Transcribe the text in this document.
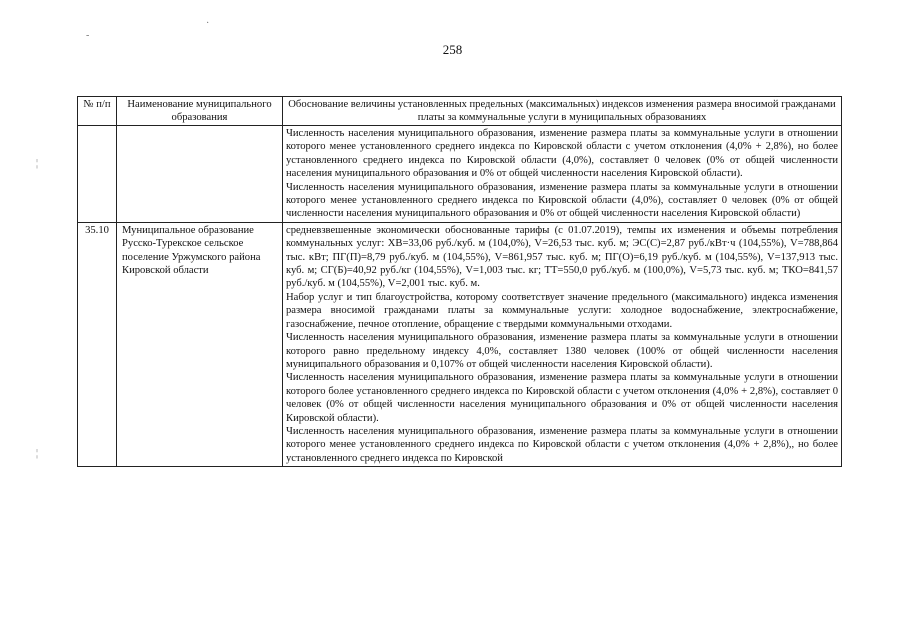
-
·
¦
¦
258
№ п/п	Наименование муниципального образования	Обоснование величины установленных предельных (максимальных) индексов изменения размера вносимой гражданами платы за коммунальные услуги в муниципальных образованиях

		Численность населения муниципального образования, изменение размера платы за коммунальные услуги в отношении которого менее установленного среднего индекса по Кировской области с учетом отклонения (4,0% + 2,8%), но более установленного среднего индекса по Кировской области (4,0%), составляет 0 человек (0% от общей численности населения муниципального образования и 0% от общей численности населения Кировской области).

Численность населения муниципального образования, изменение размера платы за коммунальные услуги в отношении которого менее установленного среднего индекса по Кировской области (4,0%), составляет 0 человек (0% от общей численности населения муниципального образования и 0% от общей численности населения Кировской области)

35.10	Муниципальное образование Русско-Турекское сельское поселение Уржумского района Кировской области	средневзвешенные экономически обоснованные тарифы (с 01.07.2019), темпы их изменения и объемы потребления коммунальных услуг: ХВ=33,06 руб./куб. м (104,0%), V=26,53 тыс. куб. м; ЭС(С)=2,87 руб./кВт·ч (104,55%), V=788,864 тыс. кВт; ПГ(П)=8,79 руб./куб. м (104,55%), V=861,957 тыс. куб. м; ПГ(О)=6,19 руб./куб. м (104,55%), V=137,913 тыс. куб. м; СГ(Б)=40,92 руб./кг (104,55%), V=1,003 тыс. кг; ТТ=550,0 руб./куб. м (100,0%), V=5,73 тыс. куб. м; ТКО=841,57 руб./куб. м (104,55%), V=2,001 тыс. куб. м.

Набор услуг и тип благоустройства, которому соответствует значение предельного (максимального) индекса изменения размера вносимой гражданами платы за коммунальные услуги: холодное водоснабжение, электроснабжение, газоснабжение, печное отопление, обращение с твердыми коммунальными отходами.

Численность населения муниципального образования, изменение размера платы за коммунальные услуги в отношении которого равно предельному индексу 4,0%, составляет 1380 человек (100% от общей численности населения муниципального образования и 0,107% от общей численности населения Кировской области).

Численность населения муниципального образования, изменение размера платы за коммунальные услуги в отношении которого более установленного среднего индекса по Кировской области с учетом отклонения (4,0% + 2,8%), составляет 0 человек (0% от общей численности населения муниципального образования и 0% от общей численности населения Кировской области).

Численность населения муниципального образования, изменение размера платы за коммунальные услуги в отношении которого менее установленного среднего индекса по Кировской области с учетом отклонения (4,0% + 2,8%),, но более установленного среднего индекса по Кировской
